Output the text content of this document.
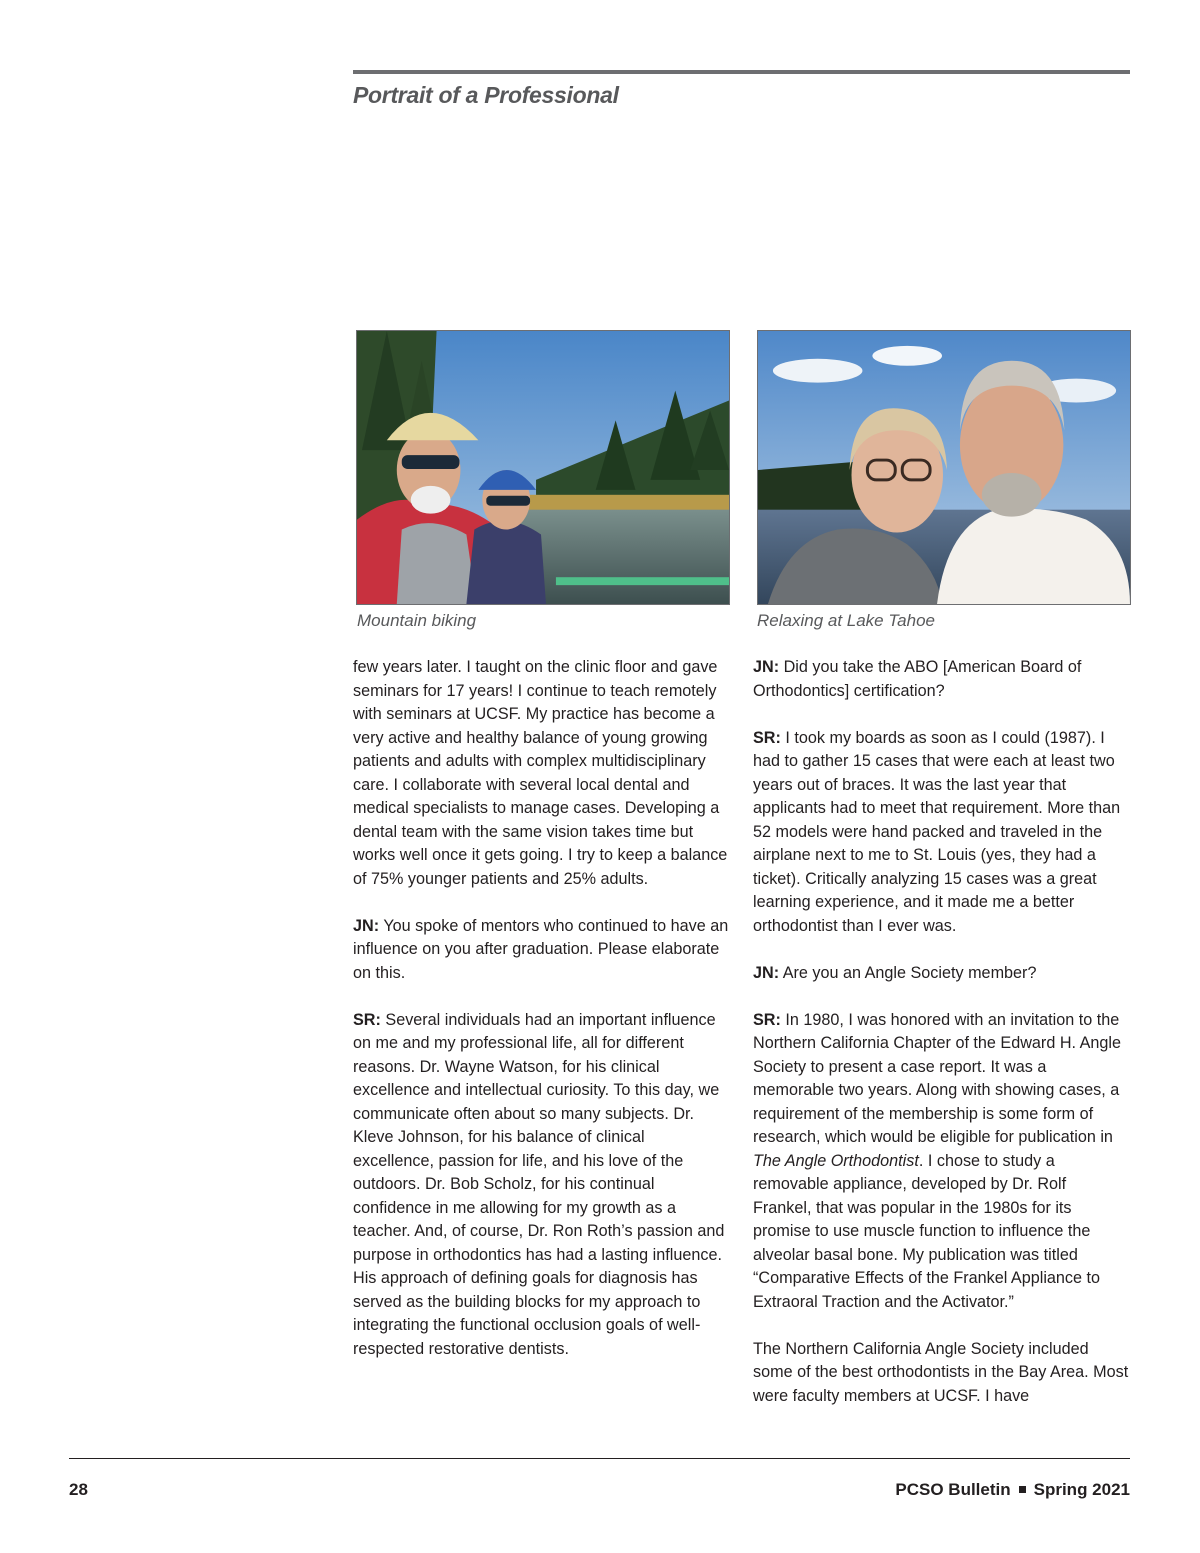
Portrait of a Professional
Mountain biking	Relaxing at Lake Tahoe

few years later. I taught on the clinic floor and gave seminars for 17 years! I continue to teach remotely with seminars at UCSF. My practice has become a very active and healthy balance of young growing patients and adults with complex multidisciplinary care. I collaborate with several local dental and medical specialists to manage cases. Developing a dental team with the same vision takes time but works well once it gets going. I try to keep a balance of 75% younger patients and 25% adults.

JN: You spoke of mentors who continued to have an influence on you after graduation. Please elaborate on this.

SR: Several individuals had an important influence on me and my professional life, all for different reasons. Dr. Wayne Watson, for his clinical excellence and intellectual curiosity. To this day, we communicate often about so many subjects. Dr. Kleve Johnson, for his balance of clinical excellence, passion for life, and his love of the outdoors. Dr. Bob Scholz, for his continual confidence in me allowing for my growth as a teacher. And, of course, Dr. Ron Roth’s passion and purpose in orthodontics has had a lasting influence. His approach of defining goals for diagnosis has served as the building blocks for my approach to integrating the functional occlusion goals of well-respected restorative dentists.

JN: Did you take the ABO [American Board of Orthodontics] certification?

SR: I took my boards as soon as I could (1987). I had to gather 15 cases that were each at least two years out of braces. It was the last year that applicants had to meet that requirement. More than 52 models were hand packed and traveled in the airplane next to me to St. Louis (yes, they had a ticket). Critically analyzing 15 cases was a great learning experience, and it made me a better orthodontist than I ever was.

JN: Are you an Angle Society member?

SR: In 1980, I was honored with an invitation to the Northern California Chapter of the Edward H. Angle Society to present a case report. It was a memorable two years. Along with showing cases, a requirement of the membership is some form of research, which would be eligible for publication in The Angle Orthodontist. I chose to study a removable appliance, developed by Dr. Rolf Frankel, that was popular in the 1980s for its promise to use muscle function to influence the alveolar basal bone. My publication was titled “Comparative Effects of the Frankel Appliance to Extraoral Traction and the Activator.”

The Northern California Angle Society included some of the best orthodontists in the Bay Area. Most were faculty members at UCSF. I have

28	PCSO Bulletin Spring 2021
